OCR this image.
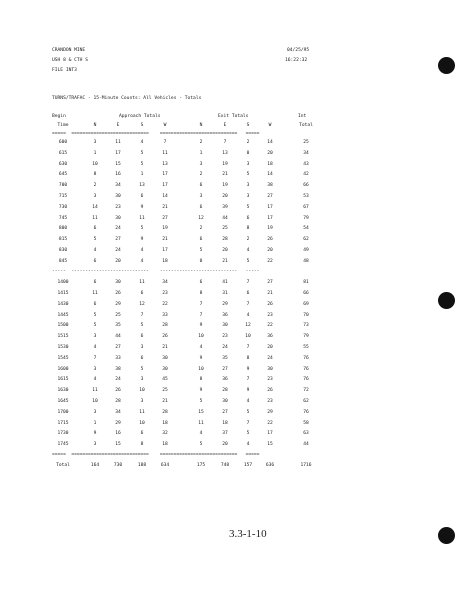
CRANDON MINE
USH 8 & CTH S
FILE INT3
04/25/95
16:22:32
TURNS/TRAFAC - 15-Minute Counts: All Vehicles - Totals
Begin	Approach Totals	Exit Totals	Int
Time	N	E	S	W	N	E	S	W	Total
=====  ============================    ============================   =====
600	3	11	4	7	2	7	2	14	25
615	1	17	5	11	1	13	0	20	34
630	10	15	5	13	3	19	3	18	43
645	8	16	1	17	2	21	5	14	42
700	2	34	13	17	6	19	3	38	66
715	3	30	6	14	3	20	3	27	53
730	14	23	9	21	6	39	5	17	67
745	11	30	11	27	12	44	6	17	79
800	6	24	5	19	2	25	8	19	54
815	5	27	9	21	6	28	2	26	62
830	4	24	4	17	5	20	4	20	49
845	6	20	4	18	0	21	5	22	48
-----  ----------------------------    ----------------------------   -----
1400	6	30	11	34	6	41	7	27	81
1415	11	26	6	23	8	31	6	21	66
1430	6	29	12	22	7	29	7	26	69
1445	5	25	7	33	7	36	4	23	70
1500	5	35	5	28	9	30	12	22	73
1515	3	44	6	26	10	23	10	36	79
1530	4	27	3	21	4	24	7	20	55
1545	7	33	6	30	9	35	8	24	76
1600	3	38	5	30	10	27	9	30	76
1615	4	24	3	45	8	36	7	23	76
1630	11	26	10	25	9	28	9	26	72
1645	10	28	3	21	5	30	4	23	62
1700	3	34	11	28	15	27	5	29	76
1715	1	29	10	18	11	18	7	22	58
1730	9	16	6	32	4	37	5	17	63
1745	3	15	8	18	5	20	4	15	44
=====  ============================    ============================   =====
Total	164	730	188	634	175	748	157	636	1716
3.3-1-10
